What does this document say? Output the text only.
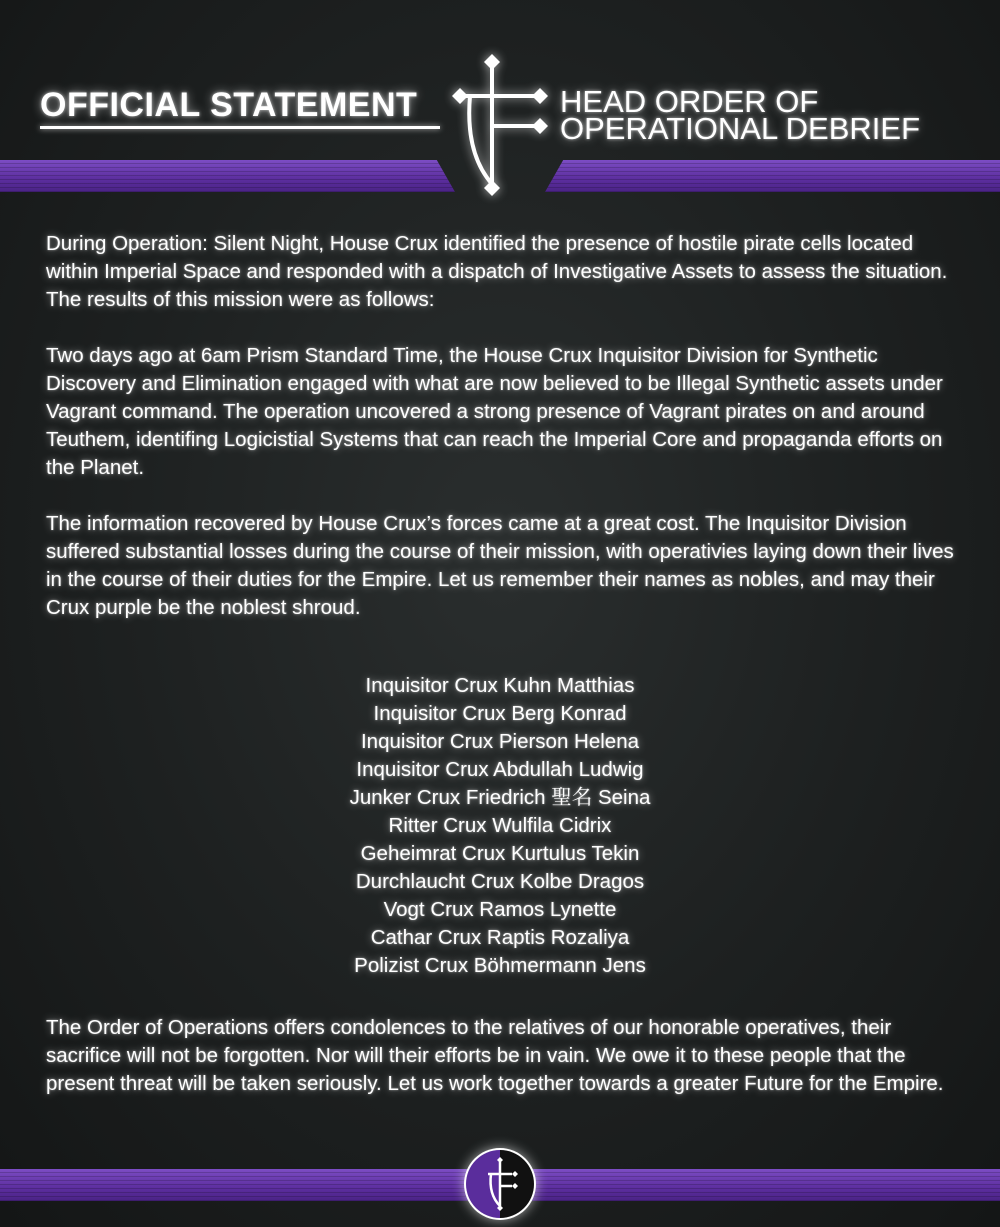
OFFICIAL STATEMENT	HEAD ORDER OF
OPERATIONAL DEBRIEF
During Operation: Silent Night, House Crux identified the presence of hostile pirate cells located within Imperial Space and responded with a dispatch of Investigative Assets to assess the situation. The results of this mission were as follows:
Two days ago at 6am Prism Standard Time, the House Crux Inquisitor Division for Synthetic Discovery and Elimination engaged with what are now believed to be Illegal Synthetic assets under Vagrant command. The operation uncovered a strong presence of Vagrant pirates on and around Teuthem, identifing Logicistial Systems that can reach the Imperial Core and propaganda efforts on the Planet.
The information recovered by House Crux’s forces came at a great cost. The Inquisitor Division suffered substantial losses during the course of their mission, with operativies laying down their lives in the course of their duties for the Empire. Let us remember their names as nobles, and may their Crux purple be the noblest shroud.
Inquisitor Crux Kuhn Matthias
Inquisitor Crux Berg Konrad
Inquisitor Crux Pierson Helena
Inquisitor Crux Abdullah Ludwig
Junker Crux Friedrich 聖名 Seina
Ritter Crux Wulfila Cidrix
Geheimrat Crux Kurtulus Tekin
Durchlaucht Crux Kolbe Dragos
Vogt Crux Ramos Lynette
Cathar Crux Raptis Rozaliya
Polizist Crux Böhmermann Jens
The Order of Operations offers condolences to the relatives of our honorable operatives, their sacrifice will not be forgotten. Nor will their efforts be in vain. We owe it to these people that the present threat will be taken seriously. Let us work together towards a greater Future for the Empire.
